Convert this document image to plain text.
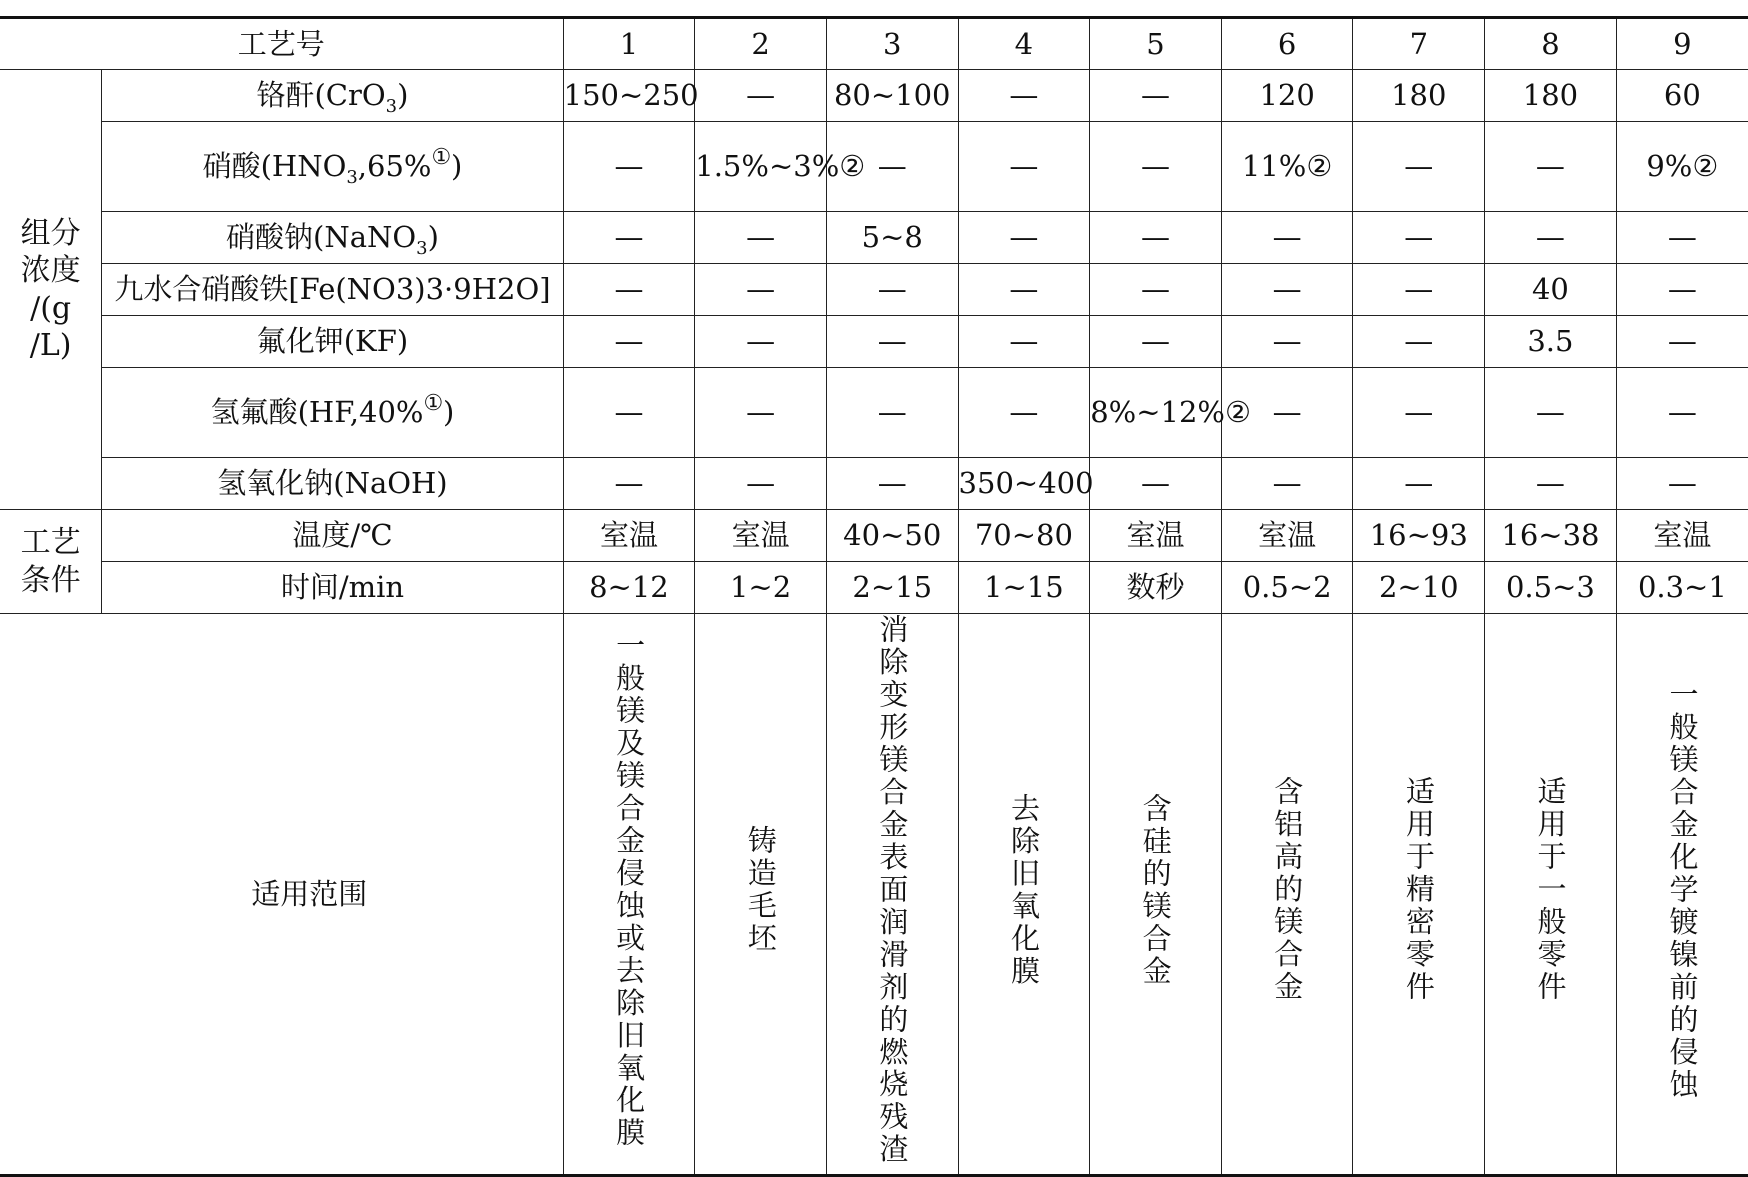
工艺号		1	2	3	4	5	6	7	8	9

组分
浓度
/(g
/L)	铬酐(CrO$_3$)	150~250	—	80~100	—	—	120	180	180	60
	硝酸$(HNO_3,65\%^①)$	—	1.5%~3%②	—	—	—	11%②	—	—	9%②
	硝酸钠(NaNO$_3$)	—	—	5~8	—	—	—	—	—	—
	九水合硝酸铁[Fe(NO3)3·9H2O]	—	—	—	—	—	—	—	40	—
	氟化钾(KF)	—	—	—	—	—	—	—	3.5	—
	氢氟酸(HF,40%①)	—	—	—	—	8%~12%②	—	—	—	—
	氢氧化钠(NaOH)	—	—	—	350~400	—	—	—	—	—

工艺
条件	温度/℃	室温	室温	40~50	70~80	室温	室温	16~93	16~38	室温
	时间/min	8~12	1~2	2~15	1~15	数秒	0.5~2	2~10	0.5~3	0.3~1
适用范围		一般镁及镁合金侵蚀或去除旧氧化膜	铸造毛坯	消除变形镁合金表面润滑剂的燃烧残渣	去除旧氧化膜	含硅的镁合金	含铝高的镁合金	适用于精密零件	适用于一般零件	一般镁合金化学镀镍前的侵蚀
